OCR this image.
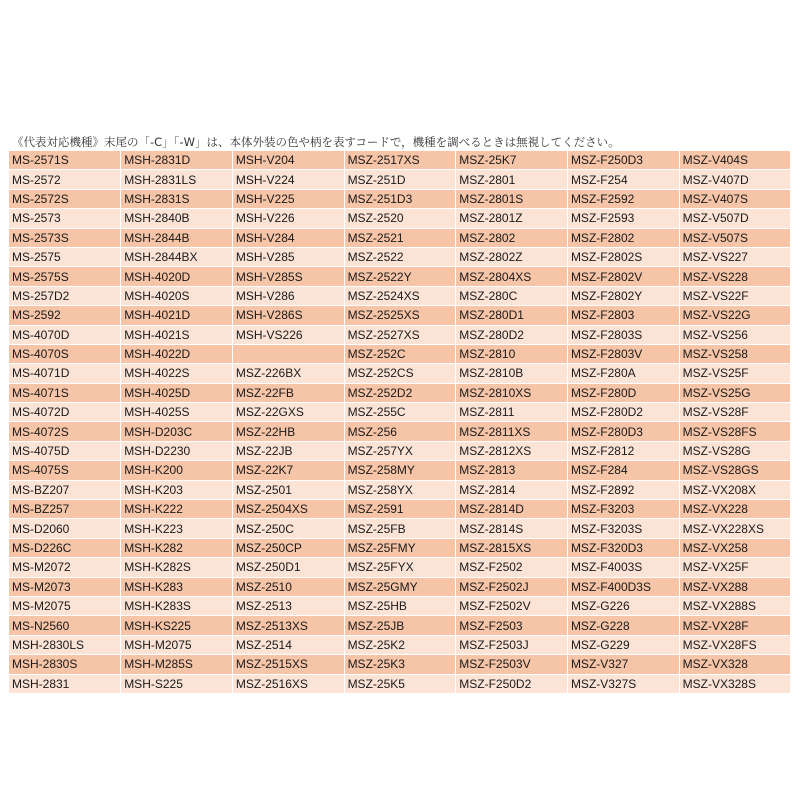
《代表対応機種》末尾の「-C」「-W」は、本体外装の色や柄を表すコードで，機種を調べるときは無視してください。
MS-2571S	MSH-2831D	MSH-V204	MSZ-2517XS	MSZ-25K7	MSZ-F250D3	MSZ-V404S
MS-2572	MSH-2831LS	MSH-V224	MSZ-251D	MSZ-2801	MSZ-F254	MSZ-V407D
MS-2572S	MSH-2831S	MSH-V225	MSZ-251D3	MSZ-2801S	MSZ-F2592	MSZ-V407S
MS-2573	MSH-2840B	MSH-V226	MSZ-2520	MSZ-2801Z	MSZ-F2593	MSZ-V507D
MS-2573S	MSH-2844B	MSH-V284	MSZ-2521	MSZ-2802	MSZ-F2802	MSZ-V507S
MS-2575	MSH-2844BX	MSH-V285	MSZ-2522	MSZ-2802Z	MSZ-F2802S	MSZ-VS227
MS-2575S	MSH-4020D	MSH-V285S	MSZ-2522Y	MSZ-2804XS	MSZ-F2802V	MSZ-VS228
MS-257D2	MSH-4020S	MSH-V286	MSZ-2524XS	MSZ-280C	MSZ-F2802Y	MSZ-VS22F
MS-2592	MSH-4021D	MSH-V286S	MSZ-2525XS	MSZ-280D1	MSZ-F2803	MSZ-VS22G
MS-4070D	MSH-4021S	MSH-VS226	MSZ-2527XS	MSZ-280D2	MSZ-F2803S	MSZ-VS256
MS-4070S	MSH-4022D		MSZ-252C	MSZ-2810	MSZ-F2803V	MSZ-VS258
MS-4071D	MSH-4022S	MSZ-226BX	MSZ-252CS	MSZ-2810B	MSZ-F280A	MSZ-VS25F
MS-4071S	MSH-4025D	MSZ-22FB	MSZ-252D2	MSZ-2810XS	MSZ-F280D	MSZ-VS25G
MS-4072D	MSH-4025S	MSZ-22GXS	MSZ-255C	MSZ-2811	MSZ-F280D2	MSZ-VS28F
MS-4072S	MSH-D203C	MSZ-22HB	MSZ-256	MSZ-2811XS	MSZ-F280D3	MSZ-VS28FS
MS-4075D	MSH-D2230	MSZ-22JB	MSZ-257YX	MSZ-2812XS	MSZ-F2812	MSZ-VS28G
MS-4075S	MSH-K200	MSZ-22K7	MSZ-258MY	MSZ-2813	MSZ-F284	MSZ-VS28GS
MS-BZ207	MSH-K203	MSZ-2501	MSZ-258YX	MSZ-2814	MSZ-F2892	MSZ-VX208X
MS-BZ257	MSH-K222	MSZ-2504XS	MSZ-2591	MSZ-2814D	MSZ-F3203	MSZ-VX228
MS-D2060	MSH-K223	MSZ-250C	MSZ-25FB	MSZ-2814S	MSZ-F3203S	MSZ-VX228XS
MS-D226C	MSH-K282	MSZ-250CP	MSZ-25FMY	MSZ-2815XS	MSZ-F320D3	MSZ-VX258
MS-M2072	MSH-K282S	MSZ-250D1	MSZ-25FYX	MSZ-F2502	MSZ-F4003S	MSZ-VX25F
MS-M2073	MSH-K283	MSZ-2510	MSZ-25GMY	MSZ-F2502J	MSZ-F400D3S	MSZ-VX288
MS-M2075	MSH-K283S	MSZ-2513	MSZ-25HB	MSZ-F2502V	MSZ-G226	MSZ-VX288S
MS-N2560	MSH-KS225	MSZ-2513XS	MSZ-25JB	MSZ-F2503	MSZ-G228	MSZ-VX28F
MSH-2830LS	MSH-M2075	MSZ-2514	MSZ-25K2	MSZ-F2503J	MSZ-G229	MSZ-VX28FS
MSH-2830S	MSH-M285S	MSZ-2515XS	MSZ-25K3	MSZ-F2503V	MSZ-V327	MSZ-VX328
MSH-2831	MSH-S225	MSZ-2516XS	MSZ-25K5	MSZ-F250D2	MSZ-V327S	MSZ-VX328S
